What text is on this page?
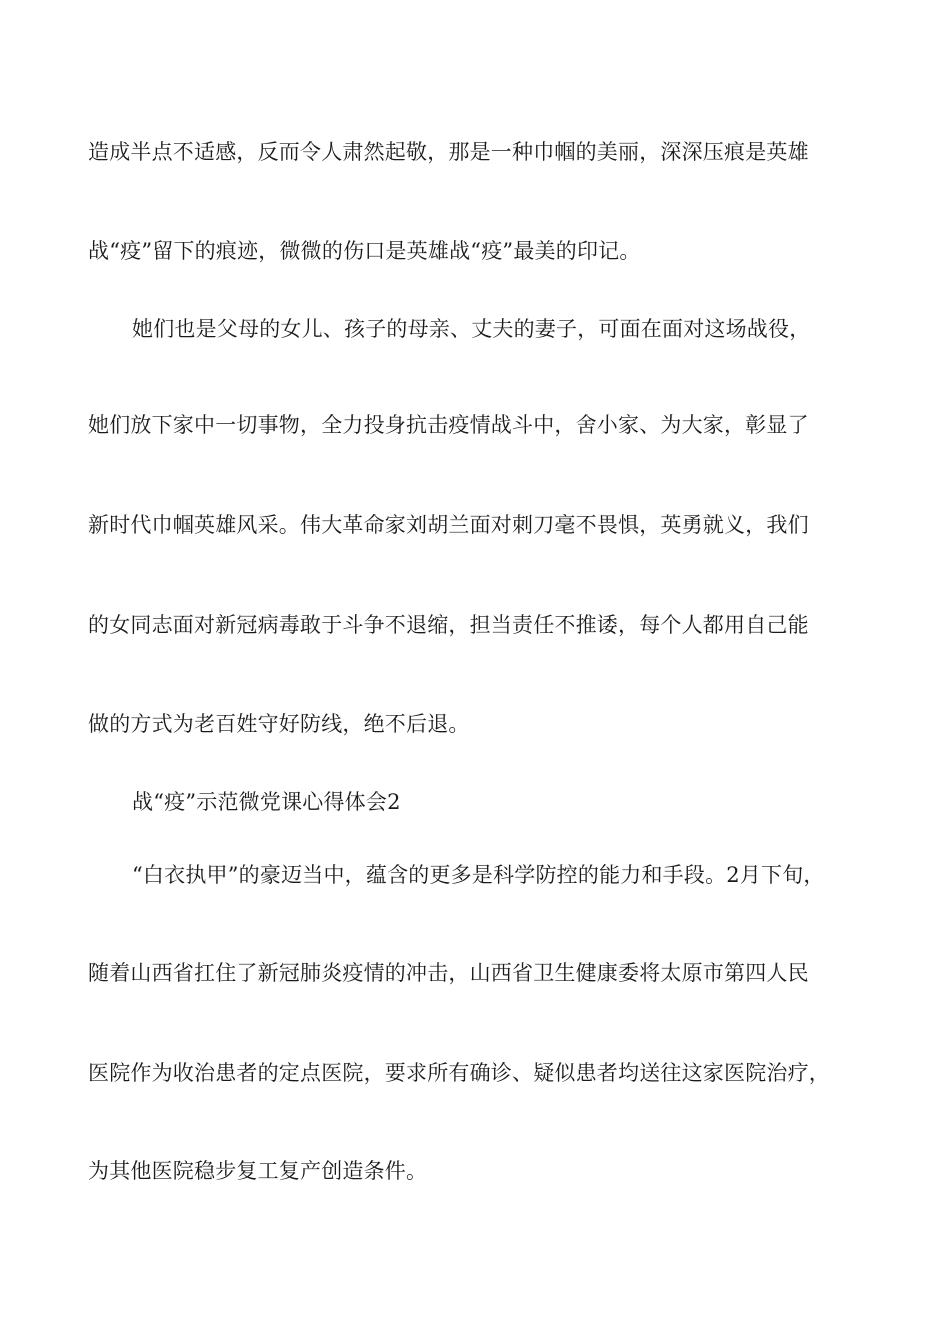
造成半点不适感，反而令人肃然起敬，那是一种巾帼的美丽，深深压痕是英雄
战“疫”留下的痕迹，微微的伤口是英雄战“疫”最美的印记。
她们也是父母的女儿、孩子的母亲、丈夫的妻子，可面在面对这场战役，
她们放下家中一切事物，全力投身抗击疫情战斗中，舍小家、为大家，彰显了
新时代巾帼英雄风采。伟大革命家刘胡兰面对刺刀毫不畏惧，英勇就义，我们
的女同志面对新冠病毒敢于斗争不退缩，担当责任不推诿，每个人都用自己能
做的方式为老百姓守好防线，绝不后退。
战“疫”示范微党课心得体会2
“白衣执甲”的豪迈当中，蕴含的更多是科学防控的能力和手段。2月下旬，
随着山西省扛住了新冠肺炎疫情的冲击，山西省卫生健康委将太原市第四人民
医院作为收治患者的定点医院，要求所有确诊、疑似患者均送往这家医院治疗，
为其他医院稳步复工复产创造条件。
